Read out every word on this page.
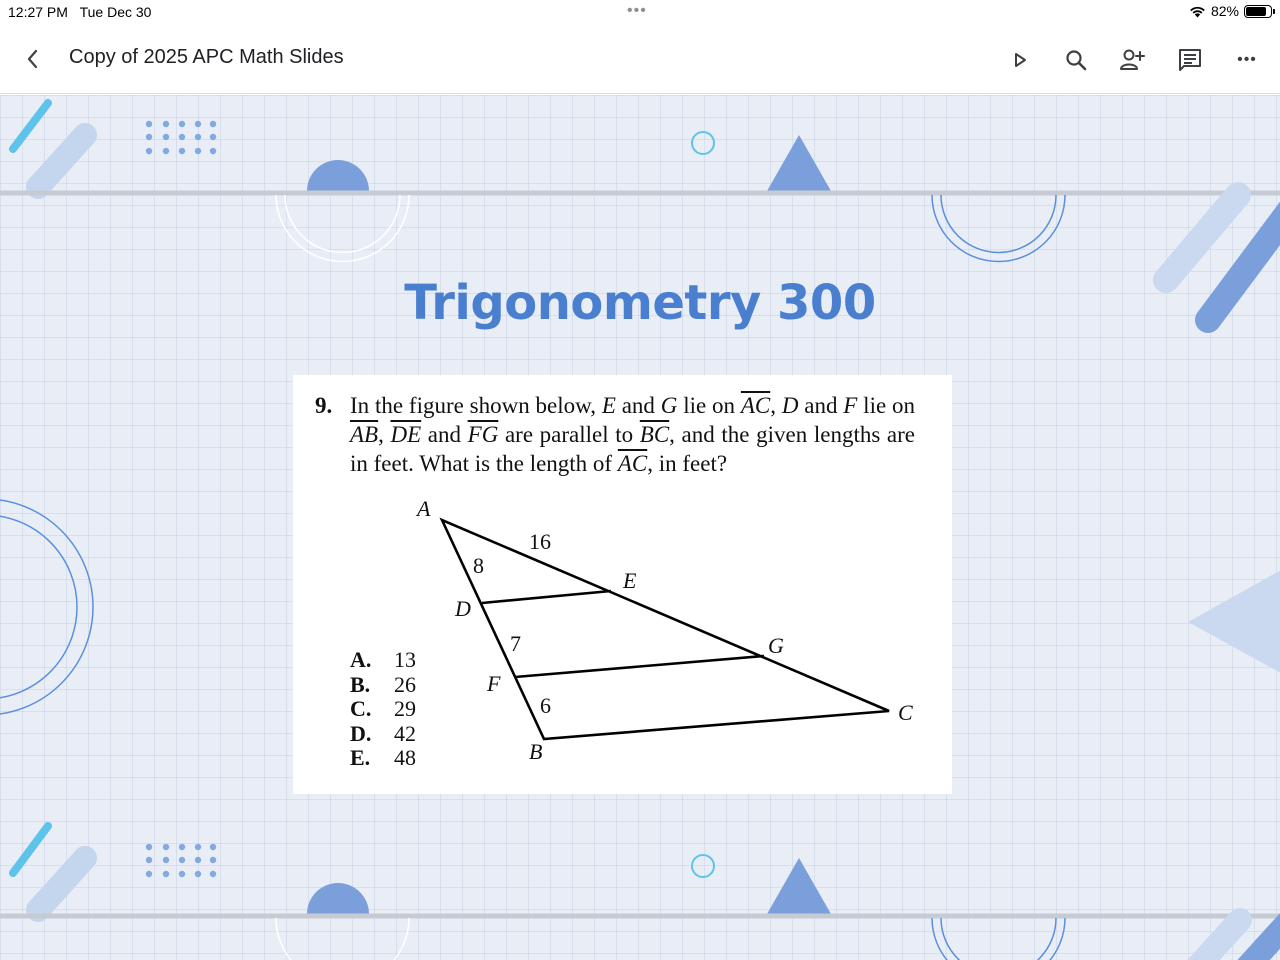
12:27 PM Tue Dec 30	•••	82%
Copy of 2025 APC Math Slides	•••
Trigonometry 300
9. In the figure shown below, E and G lie on $\overline{AC}$, D and F lie on $\overline{AB}$, $\overline{DE}$ and $\overline{FG}$ are parallel to $\overline{BC}$, and the given lengths are in feet. What is the length of $\overline{AC}$, in feet?
A.	13
B.	26
C.	29
D.	42
E.	48
A
B
C
D
E
F
G
16
8
7
6
